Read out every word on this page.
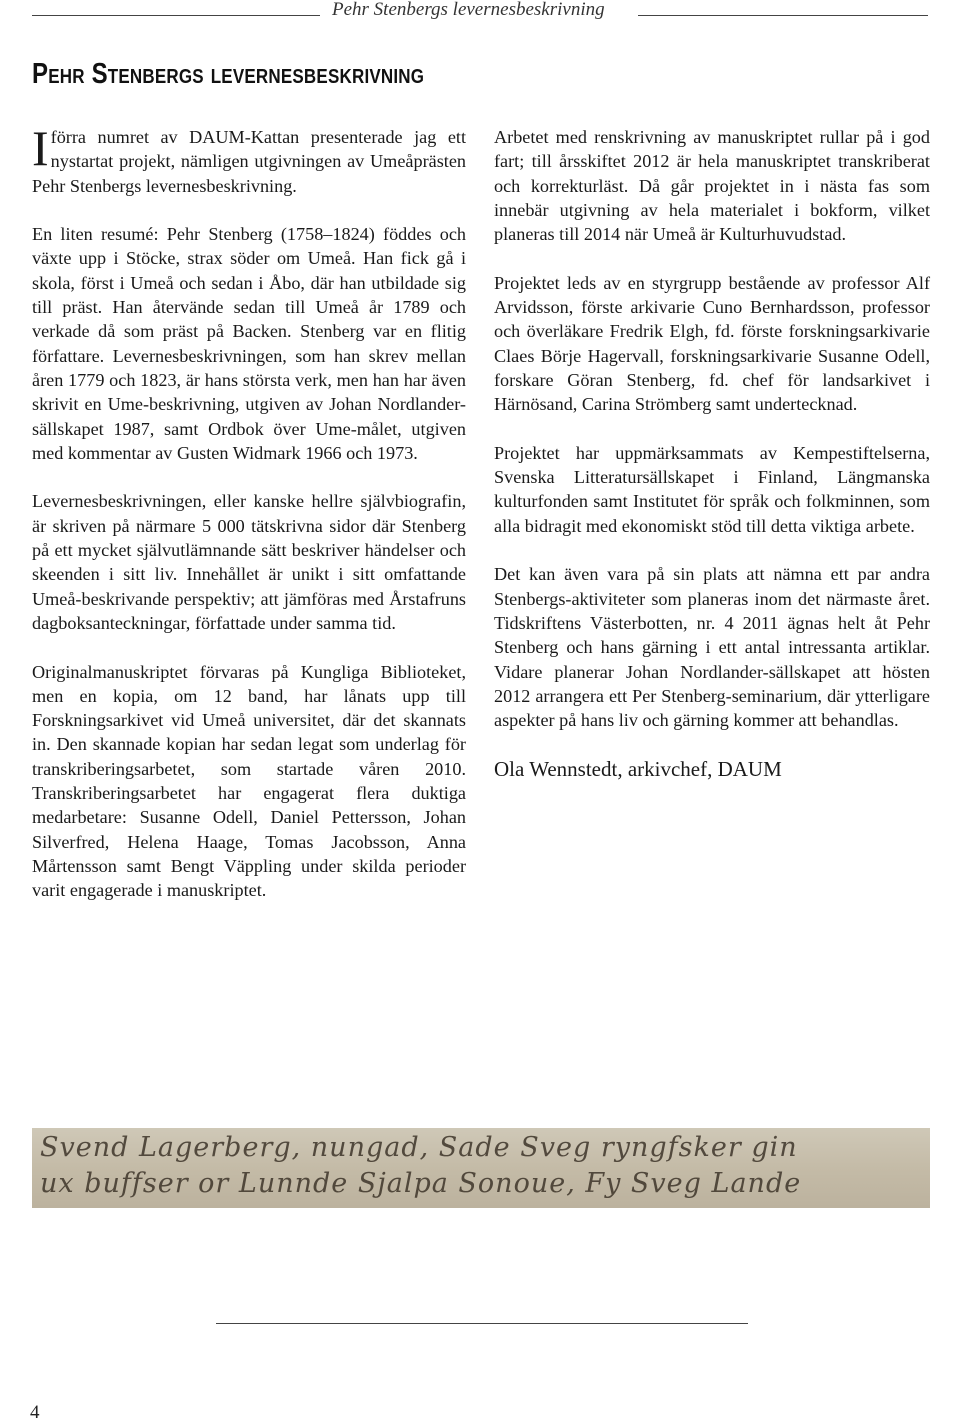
Pehr Stenbergs levernesbeskrivning
Pehr Stenbergs levernesbeskrivning

Iförra numret av DAUM-Kattan presenterade jag ett nystartat projekt, nämligen utgivningen av Umeåprästen Pehr Stenbergs levernesbeskrivning.

En liten resumé: Pehr Stenberg (1758–1824) föddes och växte upp i Stöcke, strax söder om Umeå. Han fick gå i skola, först i Umeå och sedan i Åbo, där han utbildade sig till präst. Han återvände sedan till Umeå år 1789 och verkade då som präst på Backen. Stenberg var en flitig författare. Levernesbeskrivningen, som han skrev mellan åren 1779 och 1823, är hans största verk, men han har även skrivit en Ume-beskrivning, utgiven av Johan Nordlander-sällskapet 1987, samt Ordbok över Ume-målet, utgiven med kommentar av Gusten Widmark 1966 och 1973.

Levernesbeskrivningen, eller kanske hellre självbiografin, är skriven på närmare 5 000 tätskrivna sidor där Stenberg på ett mycket självutlämnande sätt beskriver händelser och skeenden i sitt liv. Innehållet är unikt i sitt omfattande Umeå-beskrivande perspektiv; att jämföras med Årstafruns dagboksanteckningar, författade under samma tid.

Originalmanuskriptet förvaras på Kungliga Biblioteket, men en kopia, om 12 band, har lånats upp till Forskningsarkivet vid Umeå universitet, där det skannats in. Den skannade kopian har sedan legat som underlag för transkriberingsarbetet, som startade våren 2010. Transkriberingsarbetet har engagerat flera duktiga medarbetare: Susanne Odell, Daniel Pettersson, Johan Silverfred, Helena Haage, Tomas Jacobsson, Anna Mårtensson samt Bengt Väppling under skilda perioder varit engagerade i manuskriptet.

Arbetet med renskrivning av manuskriptet rullar på i god fart; till årsskiftet 2012 är hela manuskriptet transkriberat och korrekturläst. Då går projektet in i nästa fas som innebär utgivning av hela materialet i bokform, vilket planeras till 2014 när Umeå är Kulturhuvudstad.

Projektet leds av en styrgrupp bestående av professor Alf Arvidsson, förste arkivarie Cuno Bernhardsson, professor och överläkare Fredrik Elgh, fd. förste forskningsarkivarie Claes Börje Hagervall, forskningsarkivarie Susanne Odell, forskare Göran Stenberg, fd. chef för landsarkivet i Härnösand, Carina Strömberg samt undertecknad.

Projektet har uppmärksammats av Kempestiftelserna, Svenska Litteratursällskapet i Finland, Längmanska kulturfonden samt Institutet för språk och folkminnen, som alla bidragit med ekonomiskt stöd till detta viktiga arbete.

Det kan även vara på sin plats att nämna ett par andra Stenbergs-aktiviteter som planeras inom det närmaste året. Tidskriftens Västerbotten, nr. 4 2011 ägnas helt åt Pehr Stenberg och hans gärning i ett antal intressanta artiklar. Vidare planerar Johan Nordlander-sällskapet att hösten 2012 arrangera ett Per Stenberg-seminarium, där ytterligare aspekter på hans liv och gärning kommer att behandlas.

Ola Wennstedt, arkivchef, DAUM
Svend Lagerberg, nungad, Sade Sveg ryngfsker gin
ux buffser or Lunnde Sjalpa Sonoue, Fy Sveg Lande
4
